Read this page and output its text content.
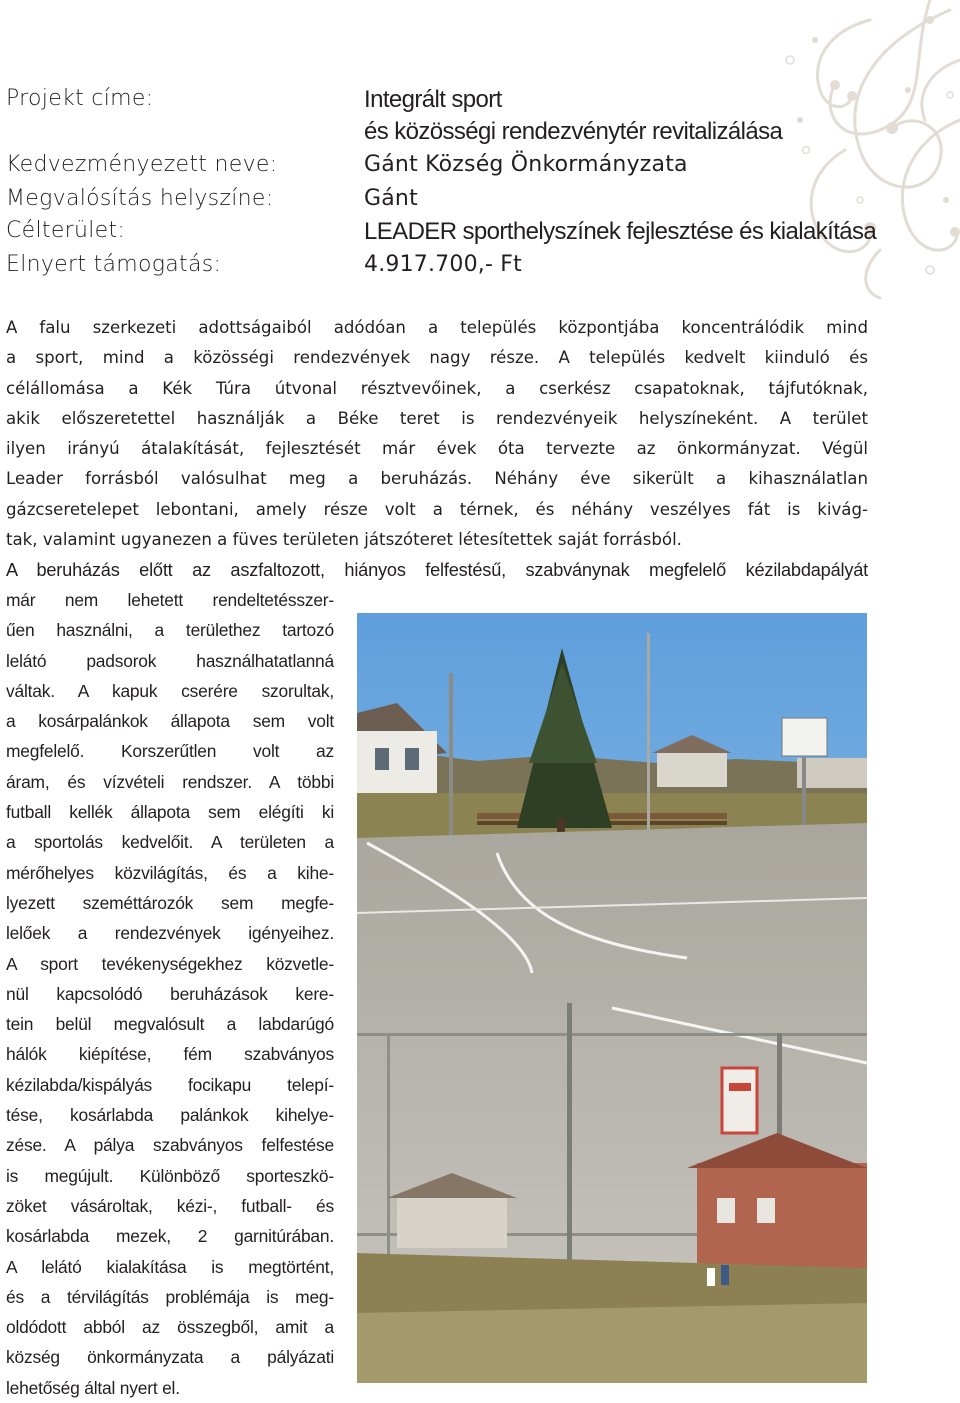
Projekt címe:	Integrált sport
és közösségi rendezvénytér revitalizálása
Kedvezményezett neve:	Gánt Község Önkormányzata
Megvalósítás helyszíne:	Gánt
Célterület:	LEADER sporthelyszínek fejlesztése és kialakítása
Elnyert támogatás:	4.917.700,- Ft

A falu szerkezeti adottságaiból adódóan a település központjába koncentrálódik mind

a sport, mind a közösségi rendezvények nagy része. A település kedvelt kiinduló és

célállomása a Kék Túra útvonal résztvevőinek, a cserkész csapatoknak, tájfutóknak,

akik előszeretettel használják a Béke teret is rendezvényeik helyszíneként. A terület

ilyen irányú átalakítását, fejlesztését már évek óta tervezte az önkormányzat. Végül

Leader forrásból valósulhat meg a beruházás. Néhány éve sikerült a kihasználatlan

gázcseretelepet lebontani, amely része volt a térnek, és néhány veszélyes fát is kivág-

tak, valamint ugyanezen a füves területen játszóteret létesítettek saját forrásból.

A beruházás előtt az aszfaltozott, hiányos felfestésű, szabványnak megfelelő kézilabdapályát
már nem lehetett rendeltetésszer-
űen használni, a területhez tartozó
lelátó padsorok használhatatlanná
váltak. A kapuk cserére szorultak,
a kosárpalánkok állapota sem volt
megfelelő. Korszerűtlen volt az
áram, és vízvételi rendszer. A többi
futball kellék állapota sem elégíti ki
a sportolás kedvelőit. A területen a
mérőhelyes közvilágítás, és a kihe-
lyezett szeméttározók sem megfe-
lelőek a rendezvények igényeihez.
A sport tevékenységekhez közvetle-
nül kapcsolódó beruházások kere-
tein belül megvalósult a labdarúgó
hálók kiépítése, fém szabványos
kézilabda/kispályás focikapu telepí-
tése, kosárlabda palánkok kihelye-
zése. A pálya szabványos felfestése
is megújult. Különböző sporteszkö-
zöket vásároltak, kézi-, futball- és
kosárlabda mezek, 2 garnitúrában.
A lelátó kialakítása is megtörtént,
és a térvilágítás problémája is meg-
oldódott abból az összegből, amit a
község önkormányzata a pályázati
lehetőség által nyert el.
